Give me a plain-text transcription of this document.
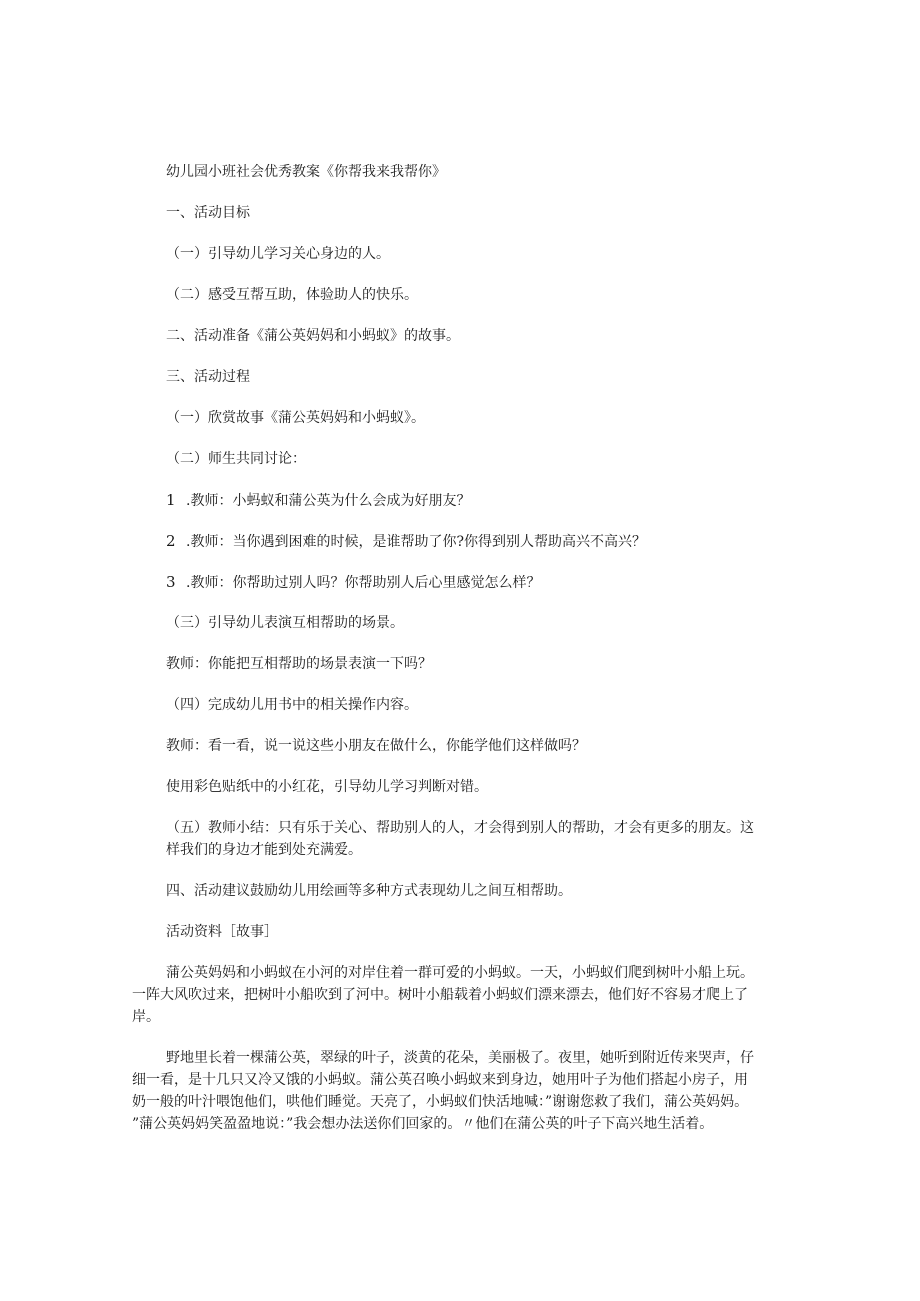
幼儿园小班社会优秀教案《你帮我来我帮你》

一、活动目标

（一）引导幼儿学习关心身边的人。

（二）感受互帮互助，体验助人的快乐。

二、活动准备《蒲公英妈妈和小蚂蚁》的故事。

三、活动过程

（一）欣赏故事《蒲公英妈妈和小蚂蚁》。

（二）师生共同讨论：

1 .教师：小蚂蚁和蒲公英为什么会成为好朋友？

2 .教师：当你遇到困难的时候，是谁帮助了你?你得到别人帮助高兴不高兴？

3 .教师：你帮助过别人吗？你帮助别人后心里感觉怎么样？

（三）引导幼儿表演互相帮助的场景。

教师：你能把互相帮助的场景表演一下吗？

（四）完成幼儿用书中的相关操作内容。

教师：看一看，说一说这些小朋友在做什么，你能学他们这样做吗？

使用彩色贴纸中的小红花，引导幼儿学习判断对错。

（五）教师小结：只有乐于关心、帮助别人的人，才会得到别人的帮助，才会有更多的朋友。这

样我们的身边才能到处充满爱。

四、活动建议鼓励幼儿用绘画等多种方式表现幼儿之间互相帮助。

活动资料［故事］

蒲公英妈妈和小蚂蚁在小河的对岸住着一群可爱的小蚂蚁。一天，小蚂蚁们爬到树叶小船上玩。

一阵大风吹过来，把树叶小船吹到了河中。树叶小船载着小蚂蚁们漂来漂去，他们好不容易才爬上了

岸。

野地里长着一棵蒲公英，翠绿的叶子，淡黄的花朵，美丽极了。夜里，她听到附近传来哭声，仔

细一看，是十几只又冷又饿的小蚂蚁。蒲公英召唤小蚂蚁来到身边，她用叶子为他们搭起小房子，用

奶一般的叶汁喂饱他们，哄他们睡觉。天亮了，小蚂蚁们快活地喊：”谢谢您救了我们，蒲公英妈妈。

”蒲公英妈妈笑盈盈地说：”我会想办法送你们回家的。〃他们在蒲公英的叶子下高兴地生活着。
